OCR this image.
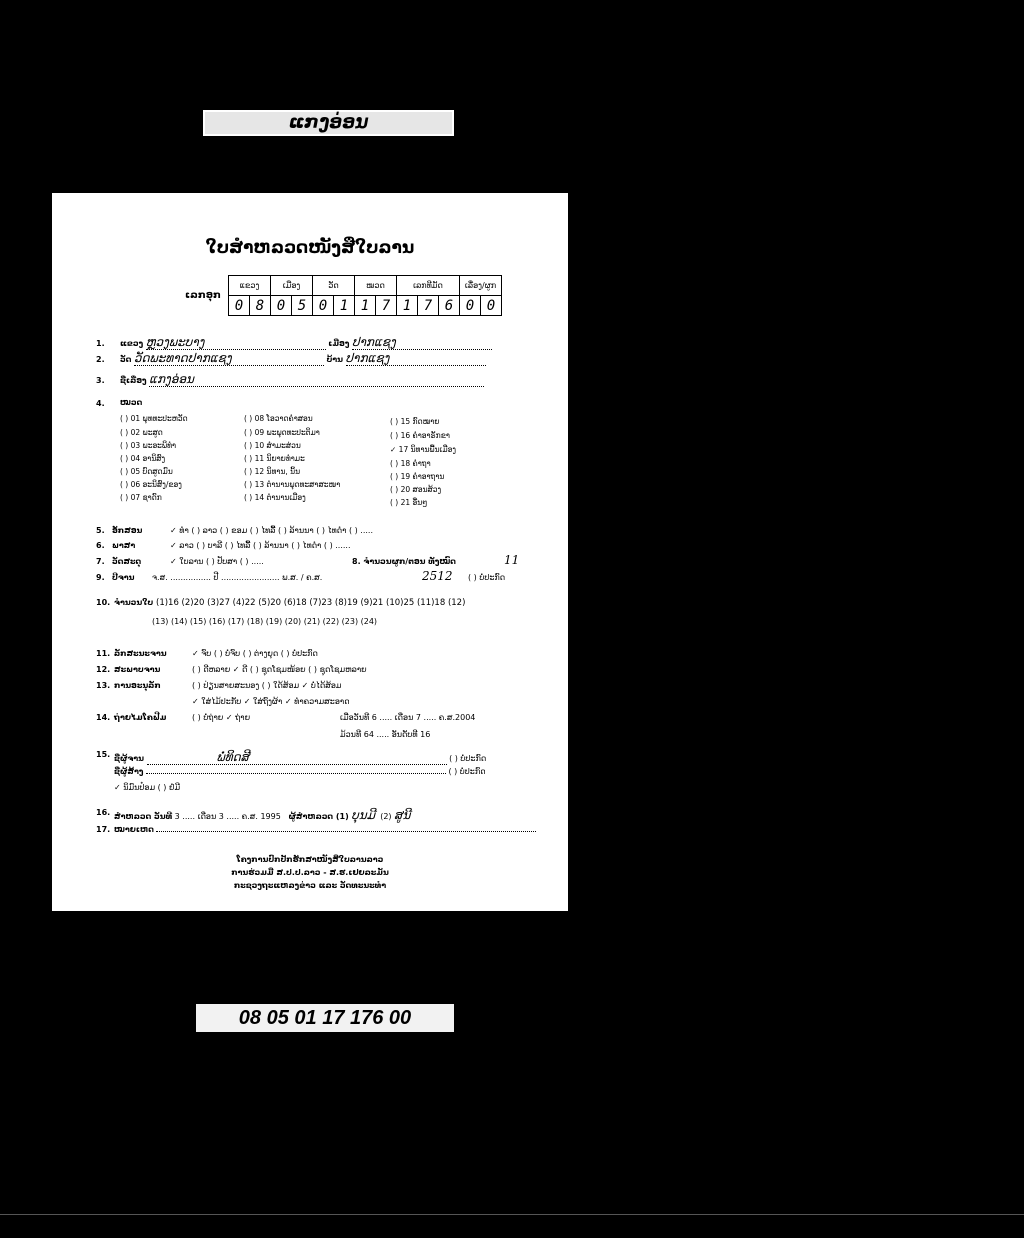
ແກງອ່ອນ
ໃບສຳຫລວດໜັງສືໃບລານ
ເລກອຸກ
ແຂວງ		ເມືອງ		ວັດ		ໝວດ		ເລກທີມັດ			ເລື່ອງ/ຜູກ	
0	8	0	5	0	1	1	7	1	7	6	0	0
1. ແຂວງ ຫຼວງພະບາງ	ເມືອງ ປາກແຊງ
2. ວັດ ວັດພະທາດປາກແຊງ	ບ້ານ ປາກແຊງ
3. ຊື່ເລື່ອງ ແກງອ່ອນ
4. ໝວດ
( ) 01 ພຸທທະປະຫວັດ	( ) 08 ໂອວາດຄຳສອນ	( ) 15 ກົດໝາຍ
( ) 02 ພະສູດ	( ) 09 ພະພຸດທະປະຕິມາ	( ) 16 ຄຳອາຣັກຂາ
( ) 03 ພະອະພິທຳ	( ) 10 ສຳມະສ່ວນ	✓ 17 ນິທານພື້ນເມືອງ
( ) 04 ອານິສົງ	( ) 11 ນິຍາຍທຳມະ
( ) 18 ຄຳຖາ
( ) 05 ບົດສູດມົນ	( ) 12 ນິທານ, ນິ້ນ
( ) 19 ຄຳອາຖານ
( ) 06 ອະນິສົງ/ຂອງ	( ) 13 ຕຳນານພຸດທະສາສະໜາ
( ) 20 ສອນສ້ວງ
( ) 07 ຊາດົກ	( ) 14 ຕຳນານເມືອງ
( ) 21 ອື່ນໆ
5. ອັກສອນ	✓ ທຳ ( ) ລາວ ( ) ຂອມ ( ) ໄທລື້ ( ) ລ້ານນາ ( ) ໄທດຳ ( ) .....
6. ພາສາ	✓ ລາວ ( ) ບາລີ ( ) ໄທລື້ ( ) ລ້ານນາ ( ) ໄທດຳ ( ) ......
7. ວັດສະດຸ	✓ ໃບລານ ( ) ປັບສາ ( ) .....	8. ຈຳນວນຜູກ/ຕອນ ທັງໝົດ	11
9. ປີຈານ ຈ.ສ. ................ ປີ ....................... ພ.ສ. / ຄ.ສ.	2512 ( ) ບໍ່ປະກົດ
10. ຈຳນວນໃບ (1)16 (2)20 (3)27 (4)22 (5)20 (6)18 (7)23 (8)19 (9)21 (10)25 (11)18 (12)
(13) (14) (15) (16) (17) (18) (19) (20) (21) (22) (23) (24)
11. ລັກສະນະຈານ	✓ ຈົບ ( ) ບໍ່ຈົບ ( ) ຕ່າງຍຸດ ( ) ບໍ່ປະກົດ
12. ສະພາບຈານ	( ) ດີຫລາຍ ✓ ດີ ( ) ຊຸດໂຊມໜ້ອຍ ( ) ຊຸດໂຊມຫລາຍ
13. ການອະນຸລັກ	( ) ປ່ຽນສາຍສະນອງ ( ) ໃດ້ສ້ອມ ✓ ບໍ່ໄດ້ສ້ອມ
✓ ໃສ່ໄມ້ປະກັບ ✓ ໃສ່ຖົງຜ້າ ✓ ທຳຄວາມສະອາດ
14. ຖ່າຍໄມໂຄຟີມ	( ) ບໍ່ຖ່າຍ ✓ ຖ່າຍ	ເມື່ອວັນທີ 6 ..... ເດືອນ 7 ..... ຄ.ສ.2004
ມ້ວນທີ 64 ..... ອັນດັບທີ 16
15. ຊື່ຜູ້ຈານ	ພໍ່ທິດສີ	( ) ບໍ່ປະກົດ
ຊື່ຜູ້ສ້າງ	( ) ບໍ່ປະກົດ
✓ ນິມົນປ໋ອມ ( ) ຢໍ່ມີ
16. ສຳຫລວດ ວັນທີ 3 ..... ເດືອນ 3 ..... ຄ.ສ. 1995 ຜູ້ສຳຫລວດ (1) ບຸນມີ (2) ສູນີ
17. ໝາຍເຫດ
ໂຄງການປົກປັກຮັກສາໜັງສືໃບລານລາວ
ການຮ່ວມມື ສ.ປ.ປ.ລາວ - ສ.ຮ.ເຢຍລະມັນ
ກະຊວງຖະແຫລງຂ່າວ ແລະ ວັດທະນະທຳ
08 05 01 17 176 00
